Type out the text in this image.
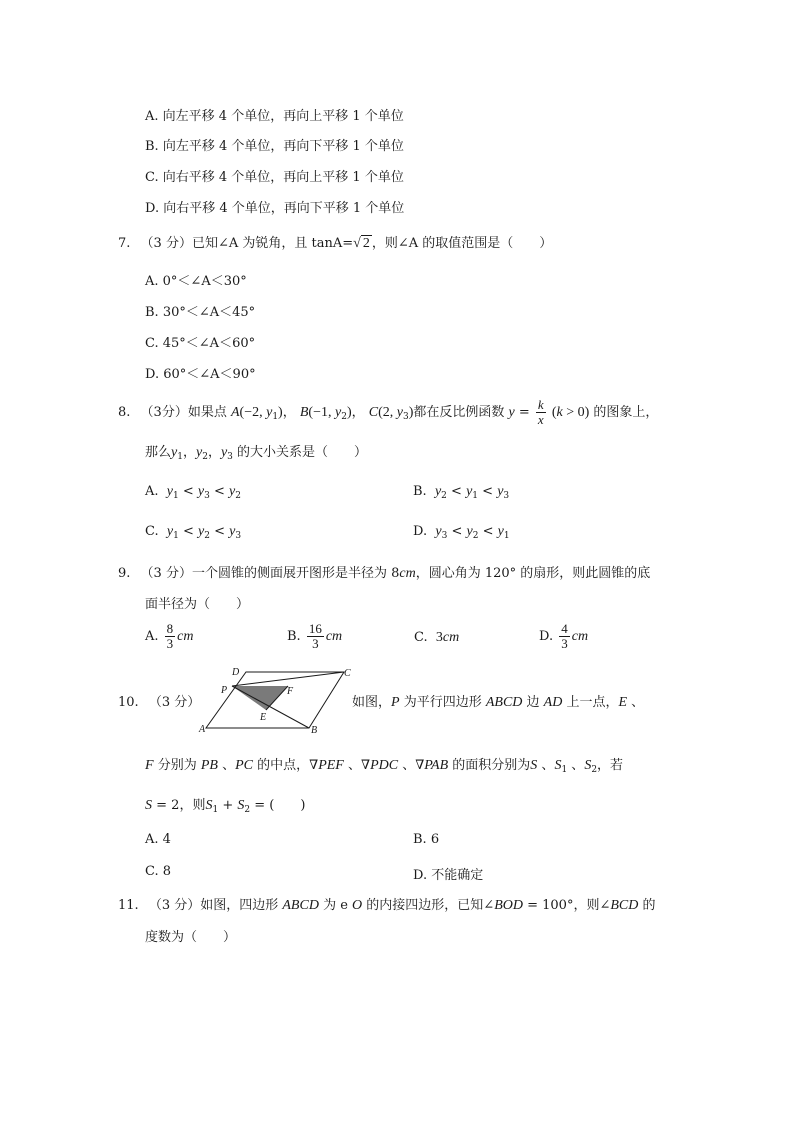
A. 向左平移 4 个单位，再向上平移 1 个单位
B. 向左平移 4 个单位，再向下平移 1 个单位
C. 向右平移 4 个单位，再向上平移 1 个单位
D. 向右平移 4 个单位，再向下平移 1 个单位
7. （3 分）已知∠A 为锐角，且 tanA=√ 2 ，则∠A 的取值范围是（　　）
A. 0°＜∠A＜30°
B. 30°＜∠A＜45°
C. 45°＜∠A＜60°
D. 60°＜∠A＜90°
8. （3分）如果点 A(−2, $y_1$)， B(−1, $y_2$)， C(2, $y_3$)都在反比例函数 $y = \frac{k}{x} (k > 0)$ 的图象上，
那么$y_1$，$y_2$，$y_3$ 的大小关系是（　　）
A.  $y_1 < y_3 < y_2$	B.  $y_2 < y_1 < y_3$
C.  $y_1 < y_2 < y_3$	D.  $y_3 < y_2 < y_1$
9. （3 分）一个圆锥的侧面展开图形是半径为 8cm，圆心角为 120° 的扇形，则此圆锥的底
面半径为（　　）
A. $\frac{8}{3}$ cm	B. $\frac{16}{3}$ cm	C. 3cm	D. $\frac{4}{3}$ cm
10. （3 分）
D	C
P	F
E
A	B
如图，P 为平行四边形 ABCD 边 AD 上一点，E 、
F 分别为 PB 、PC 的中点，∇PEF 、∇PDC 、∇PAB 的面积分别为S 、$S_1$ 、$S_2$，若
S = 2，则$S_1 + S_2$ = (　　)
A. 4	B. 6
C. 8	D. 不能确定
11. （3 分）如图，四边形 ABCD 为 e O 的内接四边形，已知∠BOD = 100°，则∠BCD 的
度数为（　　）
